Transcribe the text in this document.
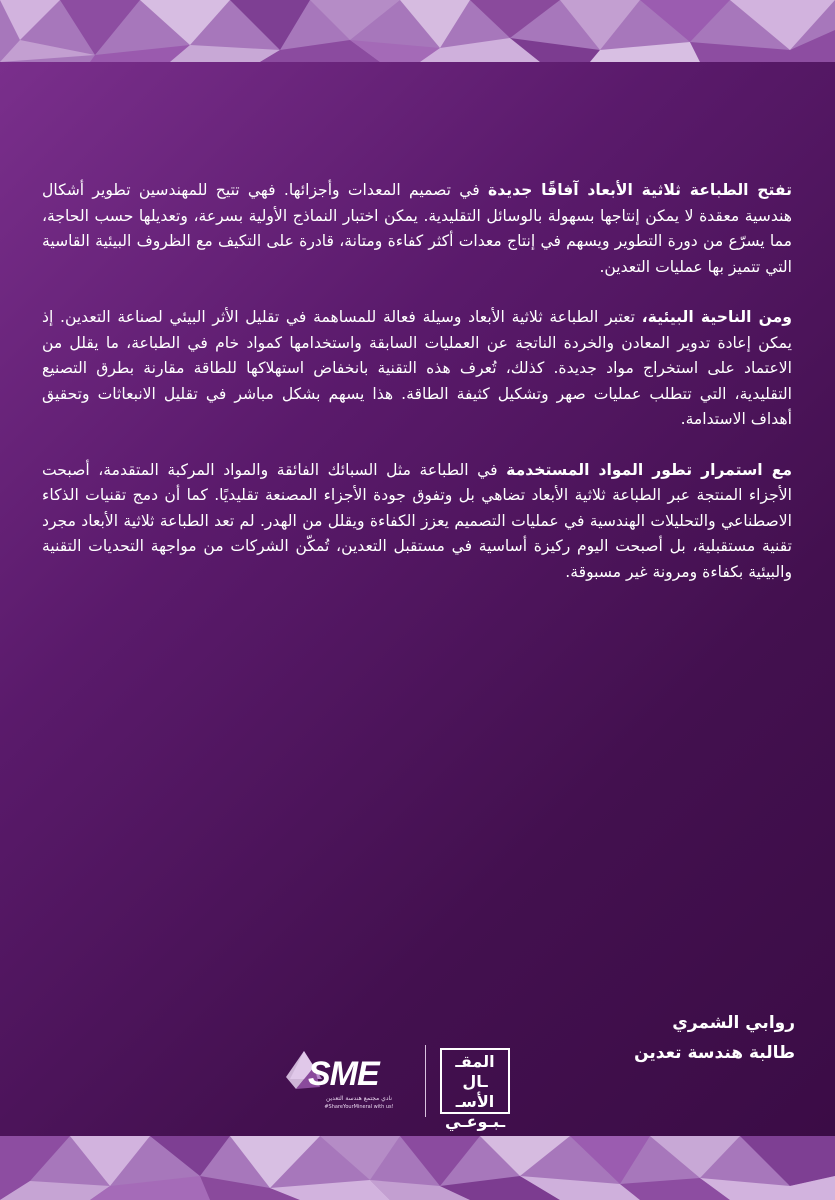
تفتح الطباعة ثلاثية الأبعاد آفاقًا جديدة في تصميم المعدات وأجزائها. فهي تتيح للمهندسين تطوير أشكال هندسية معقدة لا يمكن إنتاجها بسهولة بالوسائل التقليدية. يمكن اختبار النماذج الأولية بسرعة، وتعديلها حسب الحاجة، مما يسرّع من دورة التطوير ويسهم في إنتاج معدات أكثر كفاءة ومتانة، قادرة على التكيف مع الظروف البيئية القاسية التي تتميز بها عمليات التعدين.

ومن الناحية البيئية، تعتبر الطباعة ثلاثية الأبعاد وسيلة فعالة للمساهمة في تقليل الأثر البيئي لصناعة التعدين. إذ يمكن إعادة تدوير المعادن والخردة الناتجة عن العمليات السابقة واستخدامها كمواد خام في الطباعة، ما يقلل من الاعتماد على استخراج مواد جديدة. كذلك، تُعرف هذه التقنية بانخفاض استهلاكها للطاقة مقارنة بطرق التصنيع التقليدية، التي تتطلب عمليات صهر وتشكيل كثيفة الطاقة. هذا يسهم بشكل مباشر في تقليل الانبعاثات وتحقيق أهداف الاستدامة.

مع استمرار تطور المواد المستخدمة في الطباعة مثل السبائك الفائقة والمواد المركبة المتقدمة، أصبحت الأجزاء المنتجة عبر الطباعة ثلاثية الأبعاد تضاهي بل وتفوق جودة الأجزاء المصنعة تقليديًا. كما أن دمج تقنيات الذكاء الاصطناعي والتحليلات الهندسية في عمليات التصميم يعزز الكفاءة ويقلل من الهدر. لم تعد الطباعة ثلاثية الأبعاد مجرد تقنية مستقبلية، بل أصبحت اليوم ركيزة أساسية في مستقبل التعدين، تُمكّن الشركات من مواجهة التحديات التقنية والبيئية بكفاءة ومرونة غير مسبوقة.

روابي الشمري
طالبة هندسة تعدين
SME
نادي مجتمع هندسة التعدين
#ShareYourMineral with us!
المقـ
ـال الأسـ
ـبـوعـي
